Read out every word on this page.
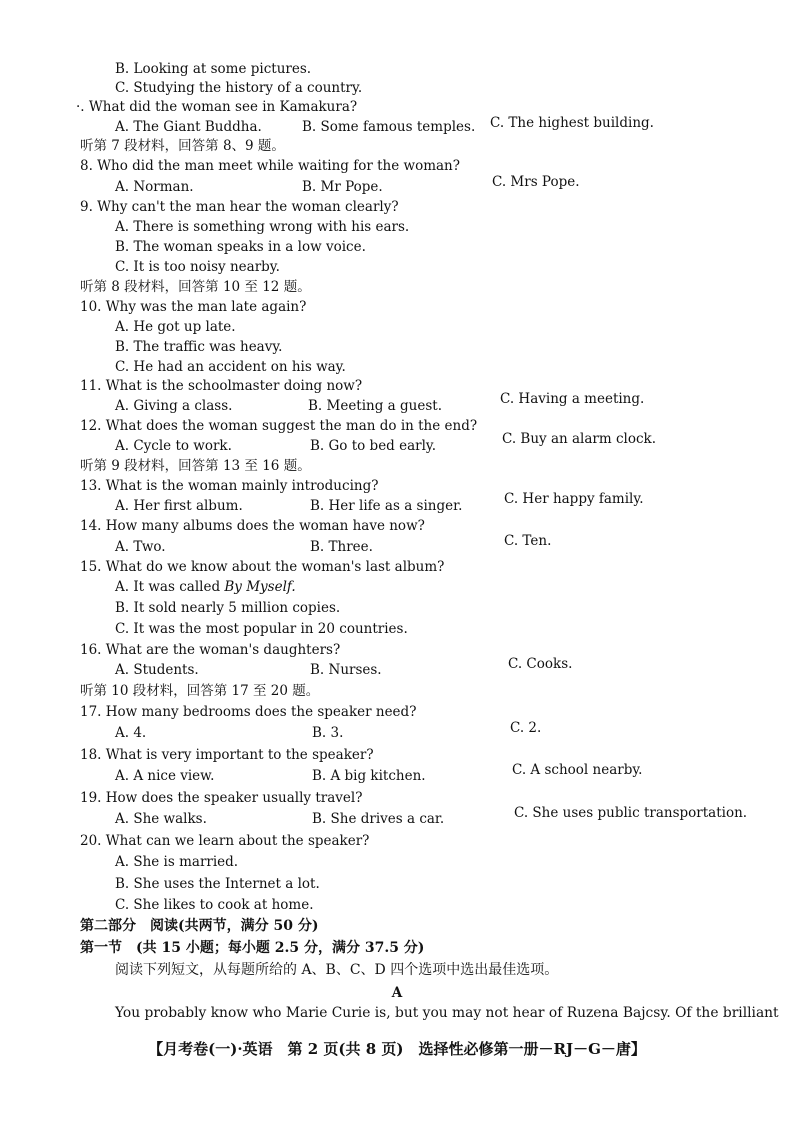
B. Looking at some pictures.
C. Studying the history of a country.
·. What did the woman see in Kamakura?
A. The Giant Buddha.	B. Some famous temples. C. The highest building.
听第 7 段材料，回答第 8、9 题。
8. Who did the man meet while waiting for the woman?
A. Norman.	B. Mr Pope.	C. Mrs Pope.
9. Why can't the man hear the woman clearly?
A. There is something wrong with his ears.
B. The woman speaks in a low voice.
C. It is too noisy nearby.
听第 8 段材料，回答第 10 至 12 题。
10. Why was the man late again?
A. He got up late.
B. The traffic was heavy.
C. He had an accident on his way.
11. What is the schoolmaster doing now?
A. Giving a class.	B. Meeting a guest.	C. Having a meeting.
12. What does the woman suggest the man do in the end?
A. Cycle to work.	B. Go to bed early.	C. Buy an alarm clock.
听第 9 段材料，回答第 13 至 16 题。
13. What is the woman mainly introducing?
A. Her first album.	B. Her life as a singer.	C. Her happy family.
14. How many albums does the woman have now?
A. Two.	B. Three.	C. Ten.
15. What do we know about the woman's last album?
A. It was called By Myself.
B. It sold nearly 5 million copies.
C. It was the most popular in 20 countries.
16. What are the woman's daughters?
A. Students.	B. Nurses.	C. Cooks.
听第 10 段材料，回答第 17 至 20 题。
17. How many bedrooms does the speaker need?
A. 4.	B. 3.	C. 2.
18. What is very important to the speaker?
A. A nice view.	B. A big kitchen.	C. A school nearby.
19. How does the speaker usually travel?
A. She walks.	B. She drives a car.	C. She uses public transportation.
20. What can we learn about the speaker?
A. She is married.
B. She uses the Internet a lot.
C. She likes to cook at home.
第二部分　阅读(共两节，满分 50 分)
第一节　(共 15 小题；每小题 2.5 分，满分 37.5 分)
阅读下列短文，从每题所给的 A、B、C、D 四个选项中选出最佳选项。
A
You probably know who Marie Curie is, but you may not hear of Ruzena Bajcsy. Of the brilliant
【月考卷(一)·英语　第 2 页(共 8 页)　选择性必修第一册－RJ－G－唐】
